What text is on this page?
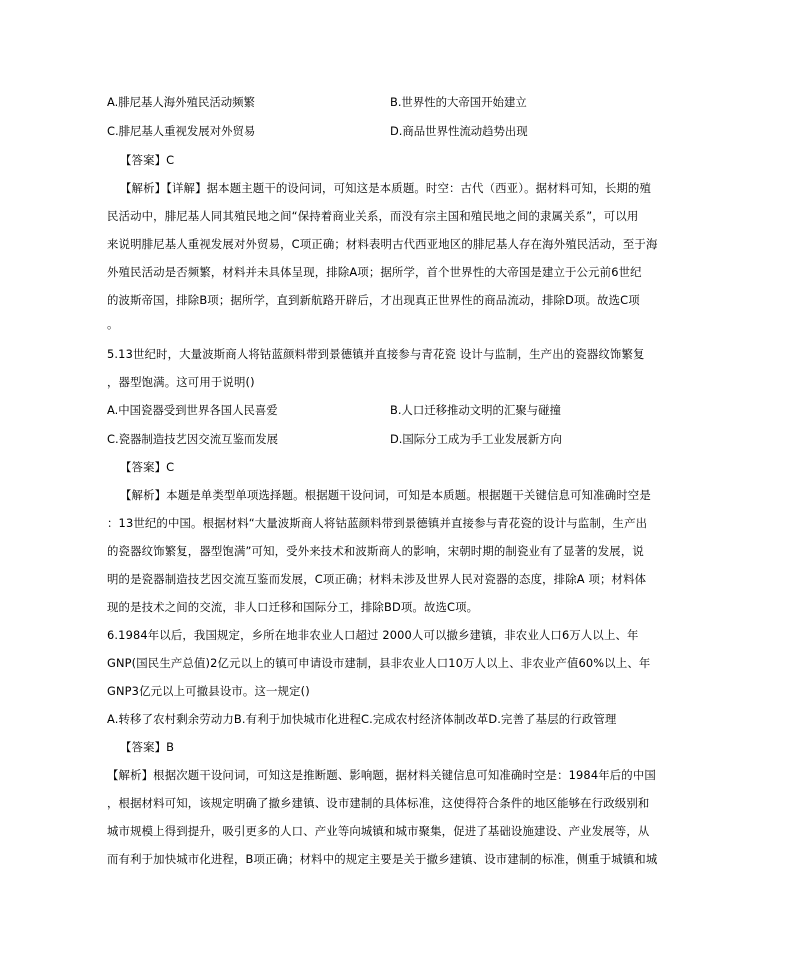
A.腓尼基人海外殖民活动频繁	B.世界性的大帝国开始建立
C.腓尼基人重视发展对外贸易	D.商品世界性流动趋势出现
【答案】C
【解析】【详解】据本题主题干的设问词，可知这是本质题。时空：古代（西亚）。据材料可知，长期的殖
民活动中，腓尼基人同其殖民地之间“保持着商业关系，而没有宗主国和殖民地之间的隶属关系”，可以用
来说明腓尼基人重视发展对外贸易，C项正确；材料表明古代西亚地区的腓尼基人存在海外殖民活动，至于海
外殖民活动是否频繁，材料并未具体呈现，排除A项；据所学，首个世界性的大帝国是建立于公元前6世纪
的波斯帝国，排除B项；据所学，直到新航路开辟后，才出现真正世界性的商品流动，排除D项。故选C项
。
5.13世纪时，大量波斯商人将钴蓝颜料带到景德镇并直接参与青花瓷 设计与监制，生产出的瓷器纹饰繁复
，器型饱满。这可用于说明()
A.中国瓷器受到世界各国人民喜爱	B.人口迁移推动文明的汇聚与碰撞
C.瓷器制造技艺因交流互鉴而发展	D.国际分工成为手工业发展新方向
【答案】C
【解析】本题是单类型单项选择题。根据题干设问词，可知是本质题。根据题干关键信息可知准确时空是
：13世纪的中国。根据材料“大量波斯商人将钴蓝颜料带到景德镇并直接参与青花瓷的设计与监制，生产出
的瓷器纹饰繁复，器型饱满”可知，受外来技术和波斯商人的影响，宋朝时期的制瓷业有了显著的发展，说
明的是瓷器制造技艺因交流互鉴而发展，C项正确；材料未涉及世界人民对瓷器的态度，排除A 项；材料体
现的是技术之间的交流，非人口迁移和国际分工，排除BD项。故选C项。
6.1984年以后，我国规定，乡所在地非农业人口超过 2000人可以撤乡建镇，非农业人口6万人以上、年
GNP(国民生产总值)2亿元以上的镇可申请设市建制，县非农业人口10万人以上、非农业产值60%以上、年
GNP3亿元以上可撤县设市。这一规定()
A.转移了农村剩余劳动力B.有利于加快城市化进程C.完成农村经济体制改革D.完善了基层的行政管理
【答案】B
【解析】根据次题干设问词，可知这是推断题、影响题，据材料关键信息可知准确时空是：1984年后的中国
，根据材料可知，该规定明确了撤乡建镇、设市建制的具体标准，这使得符合条件的地区能够在行政级别和
城市规模上得到提升，吸引更多的人口、产业等向城镇和城市聚集，促进了基础设施建设、产业发展等，从
而有利于加快城市化进程，B项正确；材料中的规定主要是关于撤乡建镇、设市建制的标准，侧重于城镇和城
